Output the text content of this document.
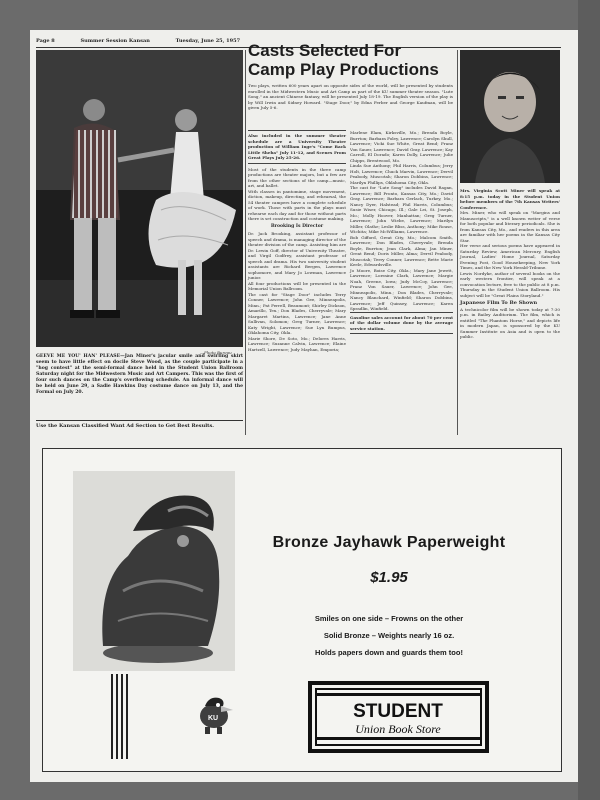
Page 8	Summer Session Kansan	Tuesday, June 25, 1957
—Photo Bureau
GEEVE ME YOU' HAN' PLEASE—Jan Miner's jacular smile and swirling skirt seem to have little effect on docile Steve Wood, as the couple participate in a "hog contest" at the semi-formal dance held in the Student Union Ballroom Saturday night for the Midwestern Music and Art Campers. This was the first of four such dances on the Camp's overflowing schedule. An informal dance will be held on June 29, a Sadie Hawkins Day costume dance on July 13, and the Formal on July 20.
Use the Kansan Classified Want Ad Section to Get Best Results.
Casts Selected For Camp Play Productions
Two plays, written 600 years apart on opposite sides of the world, will be presented by students enrolled in the Midwestern Music and Art Camp as part of the KU summer theater season. "Lute Song," an ancient Chinese fantasy, will be presented July 18-19. The English version of the play is by Will Irwin and Sidney Howard. "Stage Door," by Edna Ferber and George Kaufman, will be given July 5-6.
Also included in the summer theater schedule are a University Theatre production of William Inge's "Come Back Little Sheba" July 11-12, and Scenes From Great Plays July 25-26.
Most of the students in the three camp productions are theater majors, but a few are from the other sections of the camp—music, art, and ballet.
With classes in pantomime, stage movement, diction, makeup, directing, and rehearsal, the 54 theater campers have a complete schedule of work. Those with parts in the plays must rehearse each day and for those without parts there is set construction and costume making.
Brooking Is Director
Dr. Jack Brooking, assistant professor of speech and drama, is managing director of the theater division of the camp. Assisting him are Dr. Lewin Goff, director of University Theatre, and Virgil Godfrey, assistant professor of speech and drama. His two university student assistants are Richard Bergen, Lawrence sophomore, and Mary Jo Lowman, Lawrence junior.
All four productions will be presented in the Memorial Union Ballroom.
The cast for "Stage Door" includes Terry Conner, Lawrence; John Gee, Minneapolis, Minn.; Pat Ferrell, Beaumont; Shirley Dickson, Amarillo, Tex.; Don Blades, Cherryvale; Mary Margaret Martins, Lawrence; Jane Anne Sullivan, Solomon; Greg Turner, Lawrence; Katy Wright, Lawrence; Sue Lyn Bumpus, Oklahoma City, Okla.
Marie Shore, De Soto, Mo.; Delores Harris, Lawrence; Suzanne Calvin, Lawrence; Elaine Hartzell, Lawrence; Judy Mayhan, Emporia;
Marlene Elam, Kirksville, Mo.; Brenda Boyle, Burrton; Barbara Foley, Lawrence; Carolyn Shull, Lawrence; Vicki Sue White, Great Bend; Franz Von Sauer, Lawrence; David Gray, Lawrence; Kay Carroll, El Dorado; Karen Dolly, Lawrence; Julie Chipps, Brentwood, Mo.
Linda Sue Anthony; Phil Harris, Columbus; Jerry Holt, Lawrence; Chuck Marvin, Lawrence; Dervil Peabody, Muscotah; Sharon Dobbins, Lawrence; Marilyn Phillips, Oklahoma City, Okla.
The cast for "Lute Song" includes David Ragan, Lawrence; Bill Pronto, Kansas City, Mo.; David Gray, Lawrence; Barbara Gerlach, Turkey, Mo.; Nancy Dyer, Halstead; Phil Harris, Columbus; Susie Wiser, Chicago, Ill.; Gale Lei, St. Joseph, Mo.; Molly Hoover, Manhattan; Greg Turner, Lawrence; John Wiebe, Lawrence; Marilyn Miller, Olathe; Leslie Bliss, Anthony; Mike Rouse, Wichita; Mike McWilliams, Lawrence.
Bob Gifford, Great City, Mo.; Malcom Smith, Lawrence; Don Blades, Cherryvale; Brenda Boyle, Burrton; Jean Clark, Alma; Jan Miner, Great Bend; Doris Miller, Alma; Dervil Peabody, Muscotah; Terry Conner, Lawrence; Bette Marie Keele, Edwardsville.
Jo Moore, Boise City, Okla.; Mary Jane Jewett, Lawrence; Lorraine Clark, Lawrence; Margie Noah, Greene, Iowa; Judy McCoy, Lawrence; Franz Von Sauer, Lawrence; John Gee, Minneapolis, Minn.; Don Blades, Cherryvale; Nancy Blanchard, Winfield; Sharon Dobbins, Lawrence; Jeff Quinsey, Lawrence; Karen Spradlin, Winfield.
Gasoline sales account for about 70 per cent of the dollar volume done by the average service station.
Mrs. Virginia Scott Miner will speak at 8:15 p.m. today in the Student Union before members of the 7th Kansas Writers' Conference.
Mrs. Miner, who will speak on "Margins and Manuscripts," is a well known writer of verse for both popular and literary periodicals. She is from Kansas City, Mo., and readers in this area are familiar with her poems in the Kansas City Star.
Her verse and serious poems have appeared in Saturday Review, American Mercury, English Journal, Ladies' Home Journal, Saturday Evening Post, Good Housekeeping, New York Times, and the New York Herald-Tribune.
Lewis Nordyke, author of several books on the early western frontier, will speak at a convocation lecture, free to the public at 8 p.m. Thursday in the Student Union Ballroom. His subject will be "Great Plains Storyland."
Japanese Film To Be Shown
A technicolor film will be shown today at 7:30 p.m. in Bailey Auditorium. The film, which is entitled "The Phantom Horse," and depicts life in modern Japan, is sponsored by the KU Summer Institute on Asia and is open to the public.
KU
Bronze Jayhawk Paperweight
$1.95
Smiles on one side – Frowns on the other
Solid Bronze – Weights nearly 16 oz.
Holds papers down and guards them too!
STUDENT
Union Book Store
